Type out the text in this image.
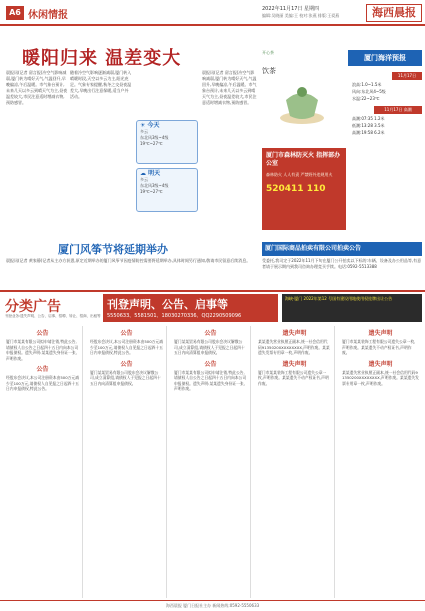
A6 休闲情报
2022年11月17日 星期四
编辑:吴晓丽 美编:王 校对:张燕 排版:王爱燕	海西晨报
暖阳归来 温差变大
晨报讯(记者 留言报)冷空气影响减弱,厦门转为晴好天气,气温回升,早晚偏凉,午后温暖。市气象台预计,未来几天以多云到晴天气为主,昼夜温差较大,市民注意适时增减衣物,预防感冒。
随着冷空气影响逐渐减弱,厦门转入晴暖时段,天空以多云为主,阳光充足。气象专家提醒,秋冬之交昼夜温差大,早晚出行注意保暖,适当户外活动。
晨报讯(记者 留言报)冷空气影响减弱,厦门转为晴好天气,气温回升,早晚偏凉,午后温暖。市气象台预计,未来几天以多云到晴天气为主,昼夜温差较大,市民注意适时增减衣物,预防感冒。
☀ 今天
多云
东北风3级~4级
19℃~27℃
☁ 明天
多云
东北风3级~4级
19℃~27℃
厦门风筝节将延期举办
晨报讯(记者 黄家静)记者从主办方获悉,原定近期举办的厦门风筝节因疫情防控需要将延期举办,具体时间另行通知,敬请市民留意后续消息。
开心茶
饮茶
厦门市森林防灭火 指挥部办公室
森林防火 人人有责 严禁野外违规用火
520411 110
厦门海洋预报
11月17日
浪高:1.0~1.5米
风向:东北风4~5级
水温:22~23℃
11月17日 高潮
高潮:07:35 1.2米
低潮:13:28 3.5米
高潮:19:58 6.2米
厦门国际商品拍卖有限公司拍卖公告
受委托,我司定于2022年11月下旬在厦门公开拍卖以下标的:车辆、设备及办公用品等,有意者请于展示期内到我司咨询办理竞买手续。电话:0592-5513388
分类广告
刊登业务:遗失声明、公告、启事、招聘、转让、招商、出租等
刊登声明、公告、启事等
5550633、5581501、18030270336、QQ2290509096
海峡·厦门 2022年第12 号国有建设用地使用权挂牌出让公告
公告
厦门市某某有限公司拟申请注销,特此公告,请债权人自公告之日起四十五日内向本公司申报债权。遗失声明:某某遗失身份证一张,声明作废。
公告
经股东会决议,本公司注册资本由500万元减少至100万元,请债权人自见报之日起四十五日内申报债权,特此公告。
公告
经股东会决议,本公司注册资本由500万元减少至100万元,请债权人自见报之日起四十五日内申报债权,特此公告。
公告
厦门某某贸易有限公司股东会决议解散公司,成立清算组,请债权人于见报之日起四十五日内向清算组申报债权。
公告
厦门某某贸易有限公司股东会决议解散公司,成立清算组,请债权人于见报之日起四十五日内向清算组申报债权。
公告
厦门市某某有限公司拟申请注销,特此公告,请债权人自公告之日起四十五日内向本公司申报债权。遗失声明:某某遗失身份证一张,声明作废。
遗失声明
某某遗失营业执照正副本,统一社会信用代码91350200XXXXXXXX,声明作废。某某遗失发票专用章一枚,声明作废。
遗失声明
厦门市某某装饰工程有限公司遗失公章一枚,声明作废。某某遗失不动产权证书,声明作废。
遗失声明
厦门市某某装饰工程有限公司遗失公章一枚,声明作废。某某遗失不动产权证书,声明作废。
遗失声明
某某遗失营业执照正副本,统一社会信用代码91350200XXXXXXXX,声明作废。某某遗失发票专用章一枚,声明作废。
海西晨报 厦门日报社主办 新闻热线:0592-5550633
